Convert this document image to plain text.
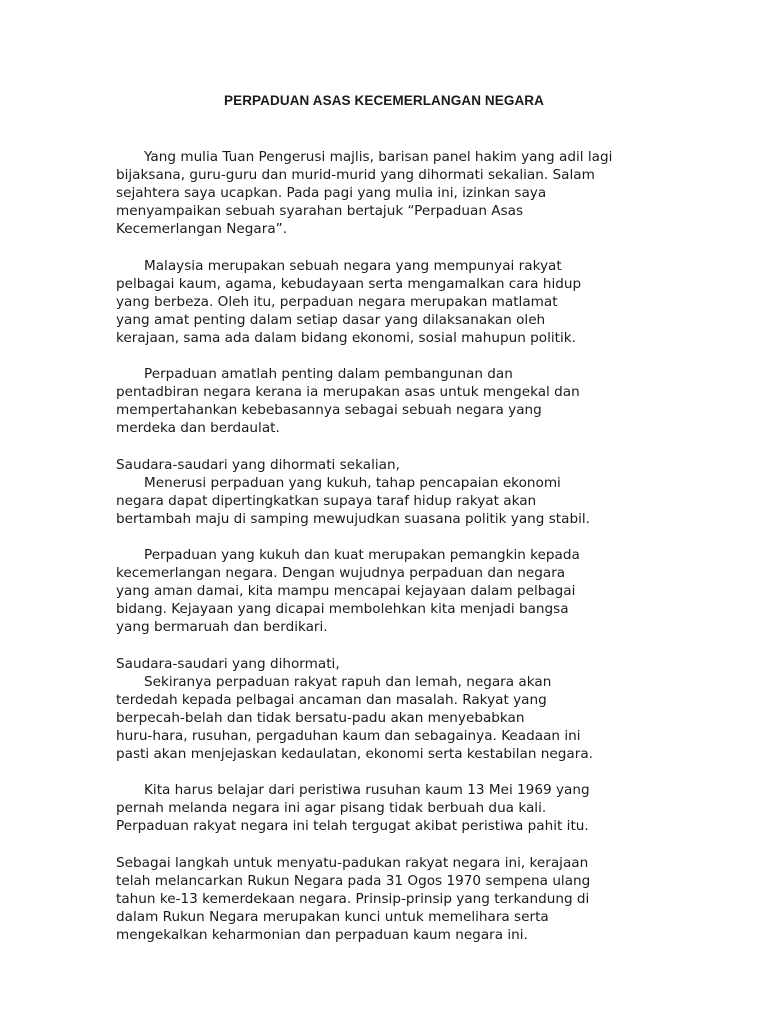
PERPADUAN ASAS KECEMERLANGAN NEGARA
Yang mulia Tuan Pengerusi majlis, barisan panel hakim yang adil lagi
bijaksana, guru-guru dan murid-murid yang dihormati sekalian. Salam
sejahtera saya ucapkan. Pada pagi yang mulia ini, izinkan saya
menyampaikan sebuah syarahan bertajuk “Perpaduan Asas
Kecemerlangan Negara”.
Malaysia merupakan sebuah negara yang mempunyai rakyat
pelbagai kaum, agama, kebudayaan serta mengamalkan cara hidup
yang berbeza. Oleh itu, perpaduan negara merupakan matlamat
yang amat penting dalam setiap dasar yang dilaksanakan oleh
kerajaan, sama ada dalam bidang ekonomi, sosial mahupun politik.
Perpaduan amatlah penting dalam pembangunan dan
pentadbiran negara kerana ia merupakan asas untuk mengekal dan
mempertahankan kebebasannya sebagai sebuah negara yang
merdeka dan berdaulat.
Saudara-saudari yang dihormati sekalian,
Menerusi perpaduan yang kukuh, tahap pencapaian ekonomi
negara dapat dipertingkatkan supaya taraf hidup rakyat akan
bertambah maju di samping mewujudkan suasana politik yang stabil.
Perpaduan yang kukuh dan kuat merupakan pemangkin kepada
kecemerlangan negara. Dengan wujudnya perpaduan dan negara
yang aman damai, kita mampu mencapai kejayaan dalam pelbagai
bidang. Kejayaan yang dicapai membolehkan kita menjadi bangsa
yang bermaruah dan berdikari.
Saudara-saudari yang dihormati,
Sekiranya perpaduan rakyat rapuh dan lemah, negara akan
terdedah kepada pelbagai ancaman dan masalah. Rakyat yang
berpecah-belah dan tidak bersatu-padu akan menyebabkan
huru-hara, rusuhan, pergaduhan kaum dan sebagainya. Keadaan ini
pasti akan menjejaskan kedaulatan, ekonomi serta kestabilan negara.
Kita harus belajar dari peristiwa rusuhan kaum 13 Mei 1969 yang
pernah melanda negara ini agar pisang tidak berbuah dua kali.
Perpaduan rakyat negara ini telah tergugat akibat peristiwa pahit itu.
Sebagai langkah untuk menyatu-padukan rakyat negara ini, kerajaan
telah melancarkan Rukun Negara pada 31 Ogos 1970 sempena ulang
tahun ke-13 kemerdekaan negara. Prinsip-prinsip yang terkandung di
dalam Rukun Negara merupakan kunci untuk memelihara serta
mengekalkan keharmonian dan perpaduan kaum negara ini.
